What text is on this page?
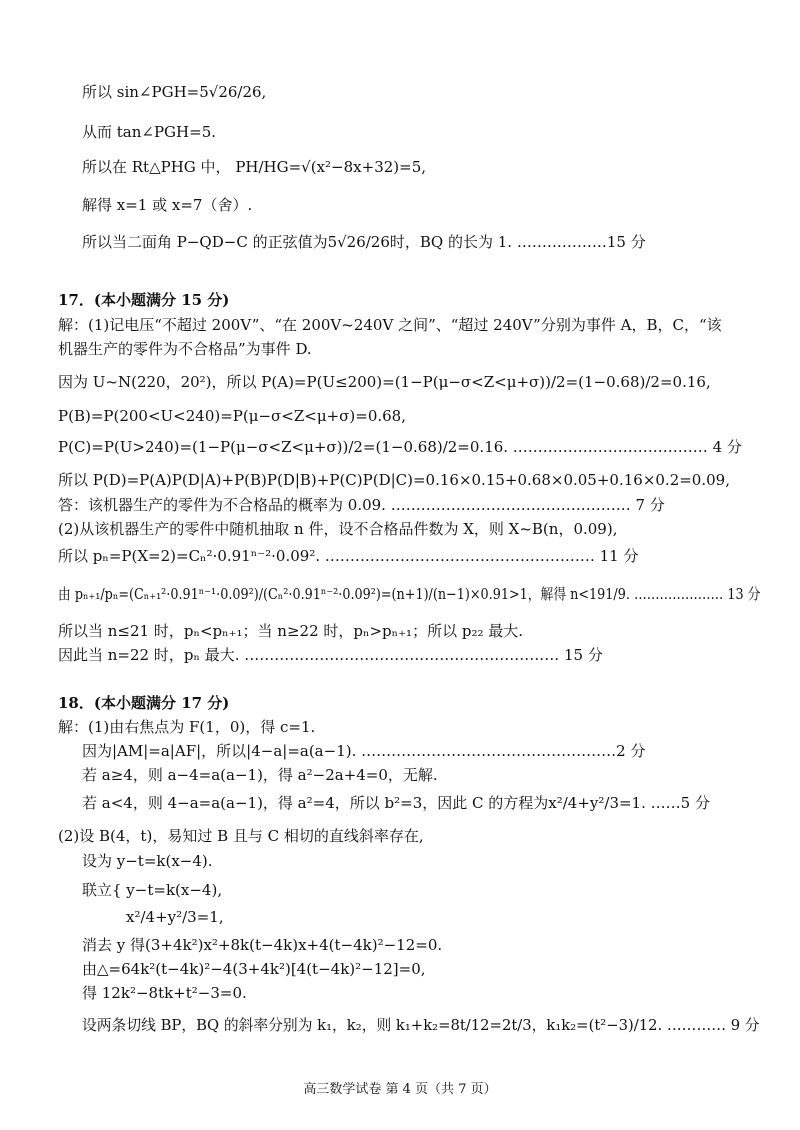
所以 sin∠PGH=5√26/26,
从而 tan∠PGH=5.
所以在 Rt△PHG 中， PH/HG=√(x²−8x+32)=5,
解得 x=1 或 x=7（舍）.
所以当二面角 P−QD−C 的正弦值为5√26/26时，BQ 的长为 1. ………………15 分
17．(本小题满分 15 分)
解：(1)记电压“不超过 200V”、“在 200V~240V 之间”、“超过 240V”分别为事件 A，B，C，“该
机器生产的零件为不合格品”为事件 D.
因为 U~N(220，20²)，所以 P(A)=P(U≤200)=(1−P(μ−σ<Z<μ+σ))/2=(1−0.68)/2=0.16,
P(B)=P(200<U<240)=P(μ−σ<Z<μ+σ)=0.68,
P(C)=P(U>240)=(1−P(μ−σ<Z<μ+σ))/2=(1−0.68)/2=0.16. ………………………………… 4 分
所以 P(D)=P(A)P(D|A)+P(B)P(D|B)+P(C)P(D|C)=0.16×0.15+0.68×0.05+0.16×0.2=0.09,
答：该机器生产的零件为不合格品的概率为 0.09. ………………………………………… 7 分
(2)从该机器生产的零件中随机抽取 n 件，设不合格品件数为 X，则 X~B(n，0.09),
所以 pₙ=P(X=2)=Cₙ²·0.91ⁿ⁻²·0.09². ……………………………………………… 11 分
由 pₙ₊₁/pₙ=(Cₙ₊₁²·0.91ⁿ⁻¹·0.09²)/(Cₙ²·0.91ⁿ⁻²·0.09²)=(n+1)/(n−1)×0.91>1，解得 n<191/9. ………………… 13 分
所以当 n≤21 时，pₙ<pₙ₊₁；当 n≥22 时，pₙ>pₙ₊₁；所以 p₂₂ 最大.
因此当 n=22 时，pₙ 最大. ……………………………………………………… 15 分
18．(本小题满分 17 分)
解：(1)由右焦点为 F(1，0)，得 c=1.
因为|AM|=a|AF|，所以|4−a|=a(a−1). ……………………………………………2 分
若 a≥4，则 a−4=a(a−1)，得 a²−2a+4=0，无解.
若 a<4，则 4−a=a(a−1)，得 a²=4，所以 b²=3，因此 C 的方程为x²/4+y²/3=1. ……5 分
(2)设 B(4，t)，易知过 B 且与 C 相切的直线斜率存在,
设为 y−t=k(x−4).
联立{ y−t=k(x−4),
x²/4+y²/3=1,
消去 y 得(3+4k²)x²+8k(t−4k)x+4(t−4k)²−12=0.
由△=64k²(t−4k)²−4(3+4k²)[4(t−4k)²−12]=0,
得 12k²−8tk+t²−3=0.
设两条切线 BP，BQ 的斜率分别为 k₁，k₂，则 k₁+k₂=8t/12=2t/3，k₁k₂=(t²−3)/12. ………… 9 分
高三数学试卷 第 4 页（共 7 页）
